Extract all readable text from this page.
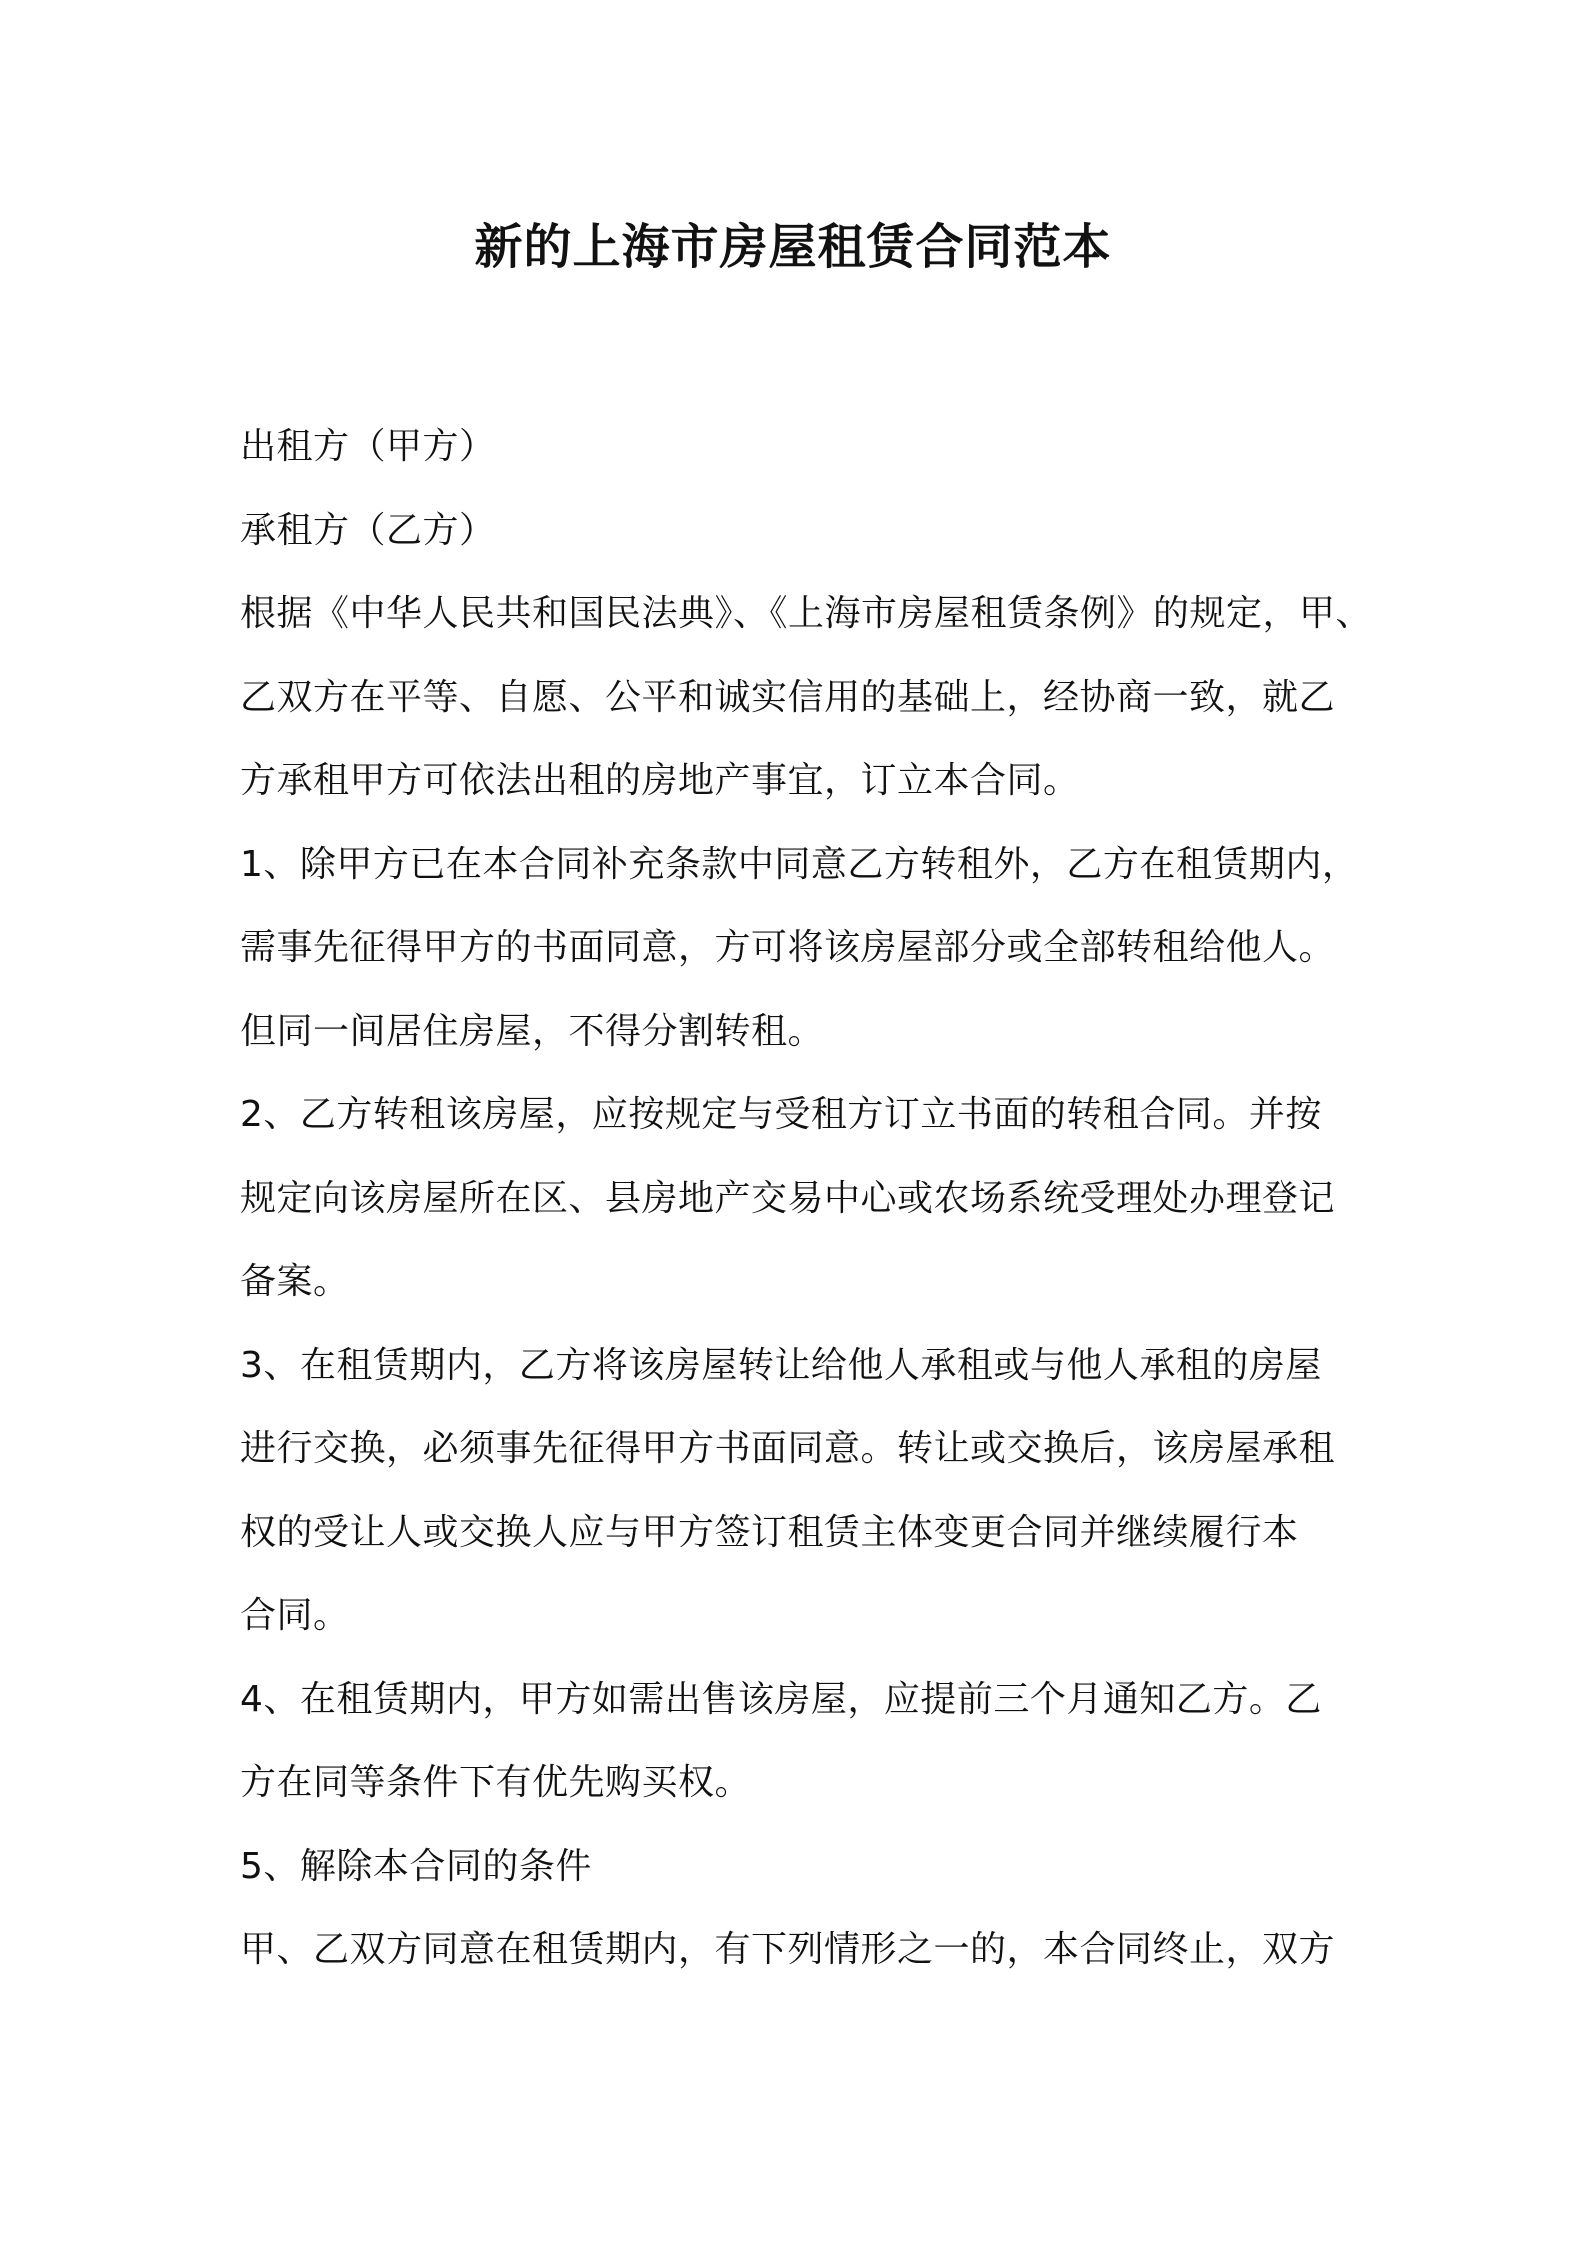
新的上海市房屋租赁合同范本
出租方（甲方）
承租方（乙方）
根据《中华人民共和国民法典》、《上海市房屋租赁条例》的规定，甲、
乙双方在平等、自愿、公平和诚实信用的基础上，经协商一致，就乙
方承租甲方可依法出租的房地产事宜，订立本合同。
1、除甲方已在本合同补充条款中同意乙方转租外，乙方在租赁期内，
需事先征得甲方的书面同意，方可将该房屋部分或全部转租给他人。
但同一间居住房屋，不得分割转租。
2、乙方转租该房屋，应按规定与受租方订立书面的转租合同。并按
规定向该房屋所在区、县房地产交易中心或农场系统受理处办理登记
备案。
3、在租赁期内，乙方将该房屋转让给他人承租或与他人承租的房屋
进行交换，必须事先征得甲方书面同意。转让或交换后，该房屋承租
权的受让人或交换人应与甲方签订租赁主体变更合同并继续履行本
合同。
4、在租赁期内，甲方如需出售该房屋，应提前三个月通知乙方。乙
方在同等条件下有优先购买权。
5、解除本合同的条件
甲、乙双方同意在租赁期内，有下列情形之一的，本合同终止，双方
